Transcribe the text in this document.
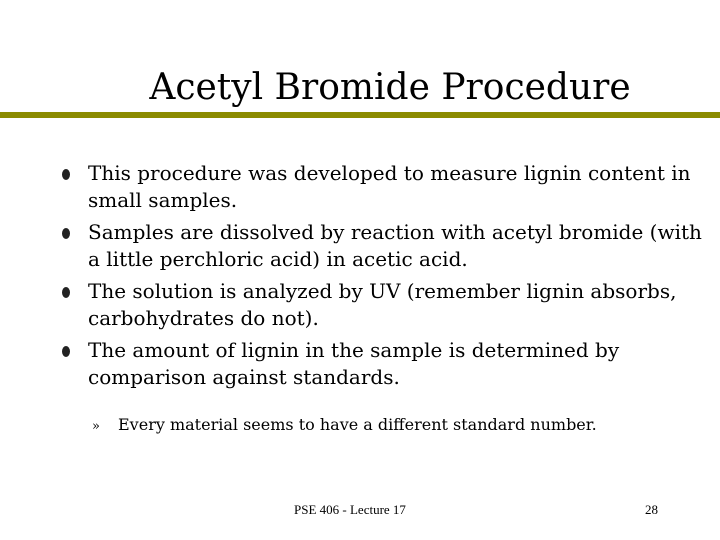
Acetyl Bromide Procedure
This procedure was developed to measure lignin content in small samples.
Samples are dissolved by reaction with acetyl bromide (with a little perchloric acid) in acetic acid.
The solution is analyzed by UV (remember lignin absorbs, carbohydrates do not).
The amount of lignin in the sample is determined by comparison against standards.
» Every material seems to have a different standard number.
PSE 406 - Lecture 17	28
